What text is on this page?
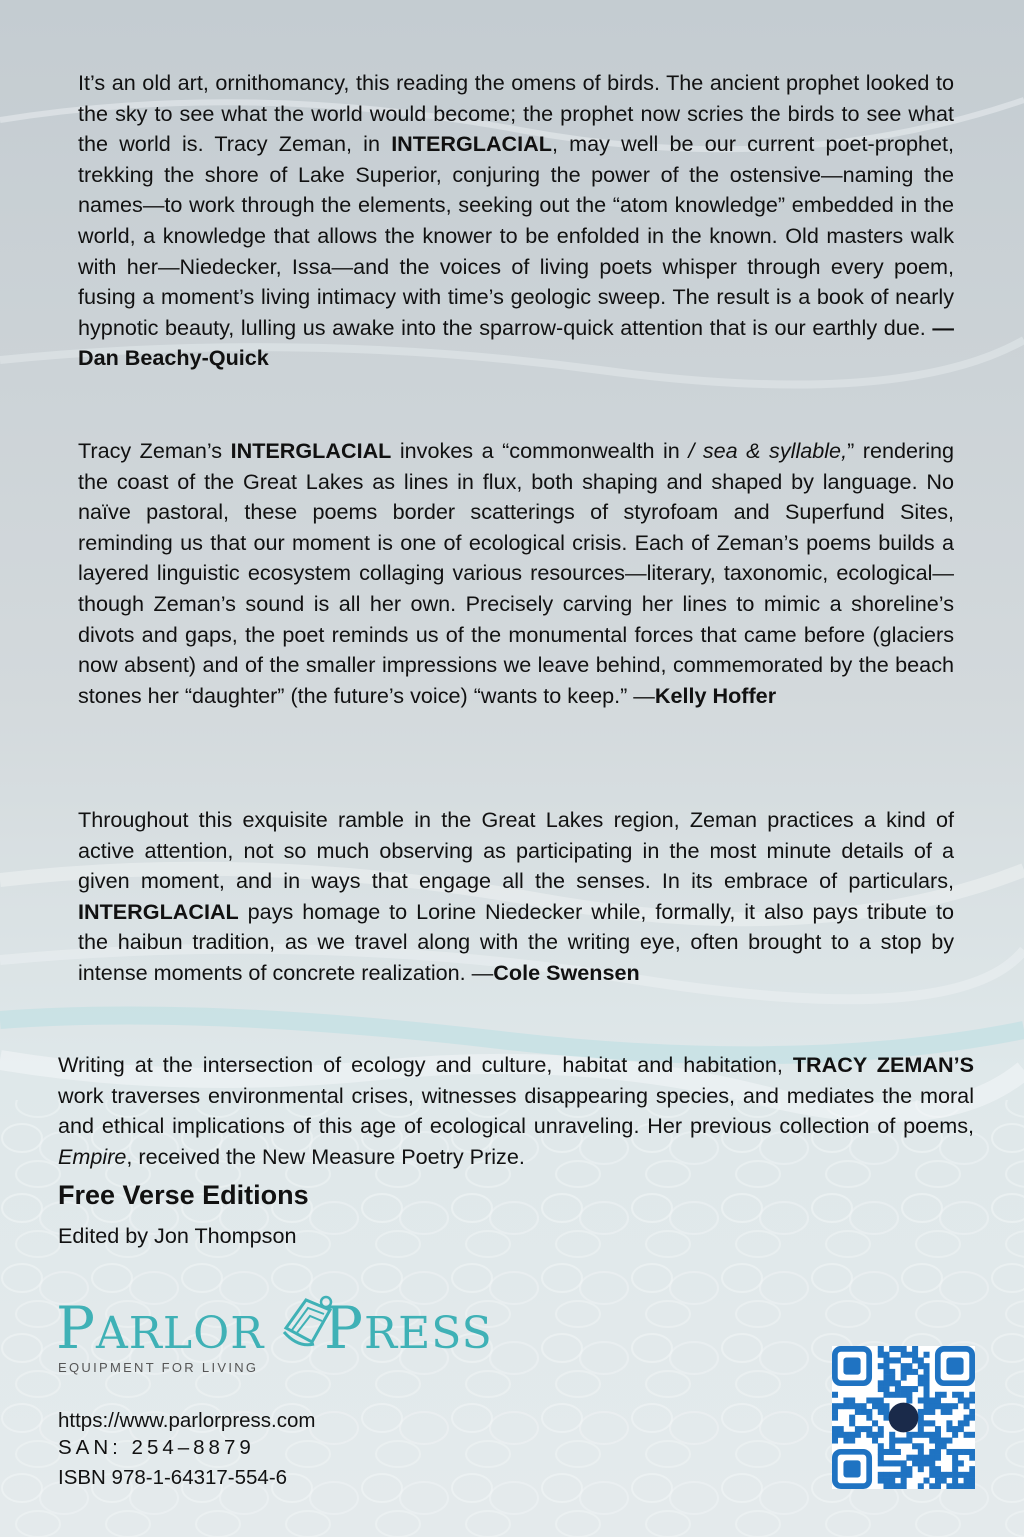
It’s an old art, ornithomancy, this reading the omens of birds. The ancient prophet looked to the sky to see what the world would become; the prophet now scries the birds to see what the world is. Tracy Zeman, in INTERGLACIAL, may well be our current poet-prophet, trekking the shore of Lake Superior, conjuring the power of the ostensive—naming the names—to work through the elements, seeking out the “atom knowledge” embedded in the world, a knowledge that allows the knower to be enfolded in the known. Old masters walk with her—Niedecker, Issa—and the voices of living poets whisper through every poem, fusing a moment’s living intimacy with time’s geologic sweep. The result is a book of nearly hypnotic beauty, lulling us awake into the sparrow-quick attention that is our earthly due. —Dan Beachy-Quick

Tracy Zeman’s INTERGLACIAL invokes a “commonwealth in / sea & syllable,” rendering the coast of the Great Lakes as lines in flux, both shaping and shaped by language. No naïve pastoral, these poems border scatterings of styrofoam and Superfund Sites, reminding us that our moment is one of ecological crisis. Each of Zeman’s poems builds a layered linguistic ecosystem collaging various resources—literary, taxonomic, ecological—though Zeman’s sound is all her own. Precisely carving her lines to mimic a shoreline’s divots and gaps, the poet reminds us of the monumental forces that came before (glaciers now absent) and of the smaller impressions we leave behind, commemorated by the beach stones her “daughter” (the future’s voice) “wants to keep.” —Kelly Hoffer

Throughout this exquisite ramble in the Great Lakes region, Zeman practices a kind of active attention, not so much observing as participating in the most minute details of a given moment, and in ways that engage all the senses. In its embrace of particulars, INTERGLACIAL pays homage to Lorine Niedecker while, formally, it also pays tribute to the haibun tradition, as we travel along with the writing eye, often brought to a stop by intense moments of concrete realization. —Cole Swensen

Writing at the intersection of ecology and culture, habitat and habitation, TRACY ZEMAN’S work traverses environmental crises, witnesses disappearing species, and mediates the moral and ethical implications of this age of ecological unraveling. Her previous collection of poems, Empire, received the New Measure Poetry Prize.

Free Verse Editions
Edited by Jon Thompson
PARLOR PRESS
EQUIPMENT FOR LIVING
https://www.parlorpress.com
SAN: 254–8879
ISBN 978-1-64317-554-6
